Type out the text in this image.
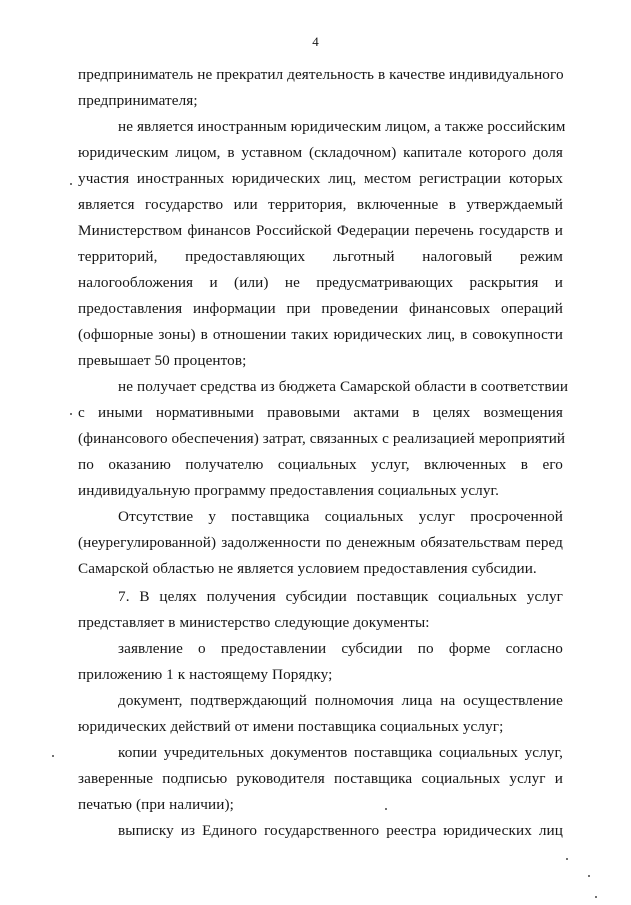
4
предприниматель не прекратил деятельность в качестве индивидуального
предпринимателя;
не является иностранным юридическим лицом, а также российским
юридическим лицом, в уставном (складочном) капитале которого доля
участия иностранных юридических лиц, местом регистрации которых
является государство или территория, включенные в утверждаемый
Министерством финансов Российской Федерации перечень государств и
территорий, предоставляющих льготный налоговый режим
налогообложения и (или) не предусматривающих раскрытия и
предоставления информации при проведении финансовых операций
(офшорные зоны) в отношении таких юридических лиц, в совокупности
превышает 50 процентов;
не получает средства из бюджета Самарской области в соответствии
с иными нормативными правовыми актами в целях возмещения
(финансового обеспечения) затрат, связанных с реализацией мероприятий
по оказанию получателю социальных услуг, включенных в его
индивидуальную программу предоставления социальных услуг.
Отсутствие у поставщика социальных услуг просроченной
(неурегулированной) задолженности по денежным обязательствам перед
Самарской областью не является условием предоставления субсидии.
7. В целях получения субсидии поставщик социальных услуг
представляет в министерство следующие документы:
заявление о предоставлении субсидии по форме согласно
приложению 1 к настоящему Порядку;
документ, подтверждающий полномочия лица на осуществление
юридических действий от имени поставщика социальных услуг;
копии учредительных документов поставщика социальных услуг,
заверенные подписью руководителя поставщика социальных услуг и
печатью (при наличии);
выписку из Единого государственного реестра юридических лиц
